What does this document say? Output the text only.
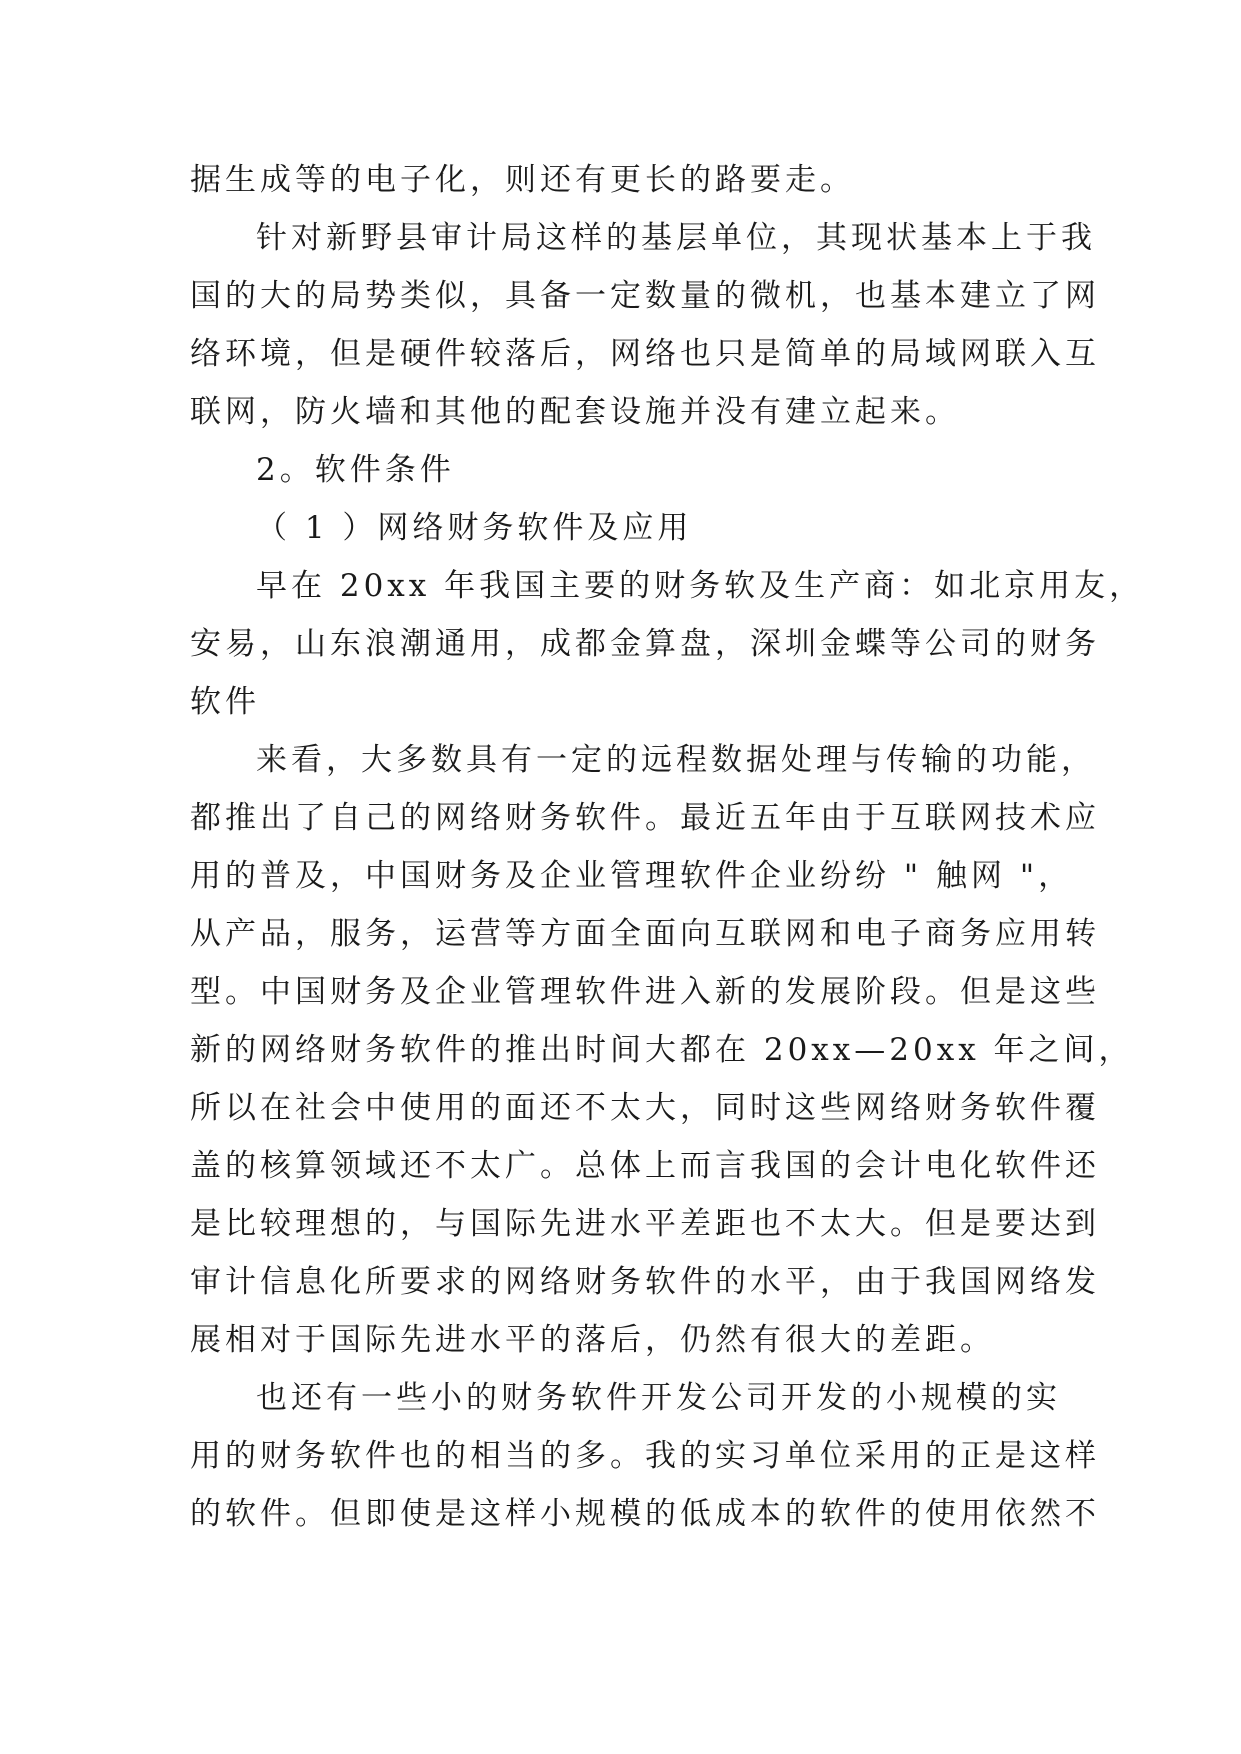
据生成等的电子化，则还有更长的路要走。
针对新野县审计局这样的基层单位，其现状基本上于我
国的大的局势类似，具备一定数量的微机，也基本建立了网
络环境，但是硬件较落后，网络也只是简单的局域网联入互
联网，防火墙和其他的配套设施并没有建立起来。
2。软件条件
（ 1 ）网络财务软件及应用
早在 20xx 年我国主要的财务软及生产商：如北京用友，
安易，山东浪潮通用，成都金算盘，深圳金蝶等公司的财务
软件
来看，大多数具有一定的远程数据处理与传输的功能，
都推出了自己的网络财务软件。最近五年由于互联网技术应
用的普及，中国财务及企业管理软件企业纷纷 " 触网 "，
从产品，服务，运营等方面全面向互联网和电子商务应用转
型。中国财务及企业管理软件进入新的发展阶段。但是这些
新的网络财务软件的推出时间大都在 20xx—20xx 年之间，
所以在社会中使用的面还不太大，同时这些网络财务软件覆
盖的核算领域还不太广。总体上而言我国的会计电化软件还
是比较理想的，与国际先进水平差距也不太大。但是要达到
审计信息化所要求的网络财务软件的水平，由于我国网络发
展相对于国际先进水平的落后，仍然有很大的差距。
也还有一些小的财务软件开发公司开发的小规模的实
用的财务软件也的相当的多。我的实习单位采用的正是这样
的软件。但即使是这样小规模的低成本的软件的使用依然不
